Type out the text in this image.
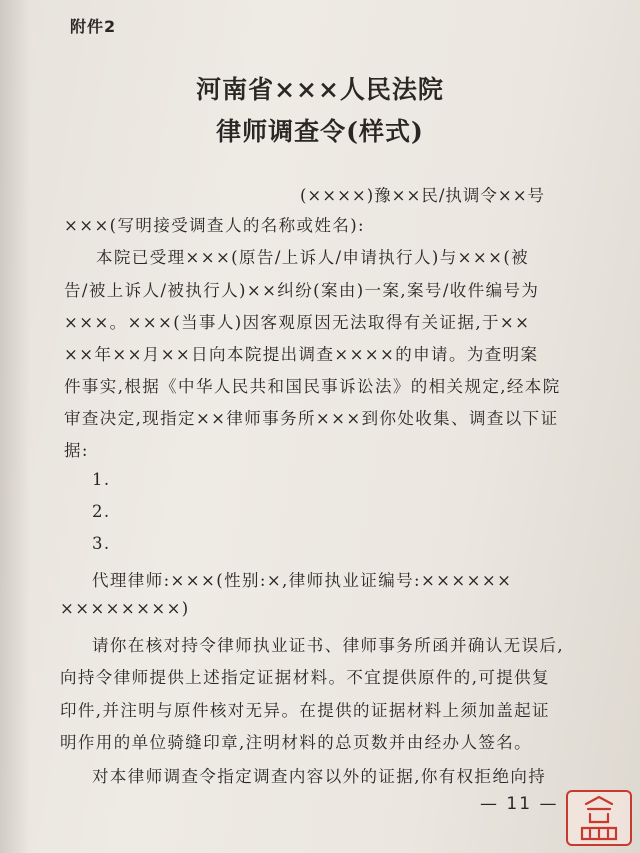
附件2
河南省×××人民法院
律师调查令(样式)
(××××)豫××民/执调令××号
×××(写明接受调查人的名称或姓名):
本院已受理×××(原告/上诉人/申请执行人)与×××(被
告/被上诉人/被执行人)××纠纷(案由)一案,案号/收件编号为
×××。×××(当事人)因客观原因无法取得有关证据,于××
××年××月××日向本院提出调查××××的申请。为查明案
件事实,根据《中华人民共和国民事诉讼法》的相关规定,经本院
审查决定,现指定××律师事务所×××到你处收集、调查以下证
据:
1.
2.
3.
代理律师:×××(性别:×,律师执业证编号:××××××
××××××××)
请你在核对持令律师执业证书、律师事务所函并确认无误后,
向持令律师提供上述指定证据材料。不宜提供原件的,可提供复
印件,并注明与原件核对无异。在提供的证据材料上须加盖起证
明作用的单位骑缝印章,注明材料的总页数并由经办人签名。
对本律师调查令指定调查内容以外的证据,你有权拒绝向持
— 11 —
